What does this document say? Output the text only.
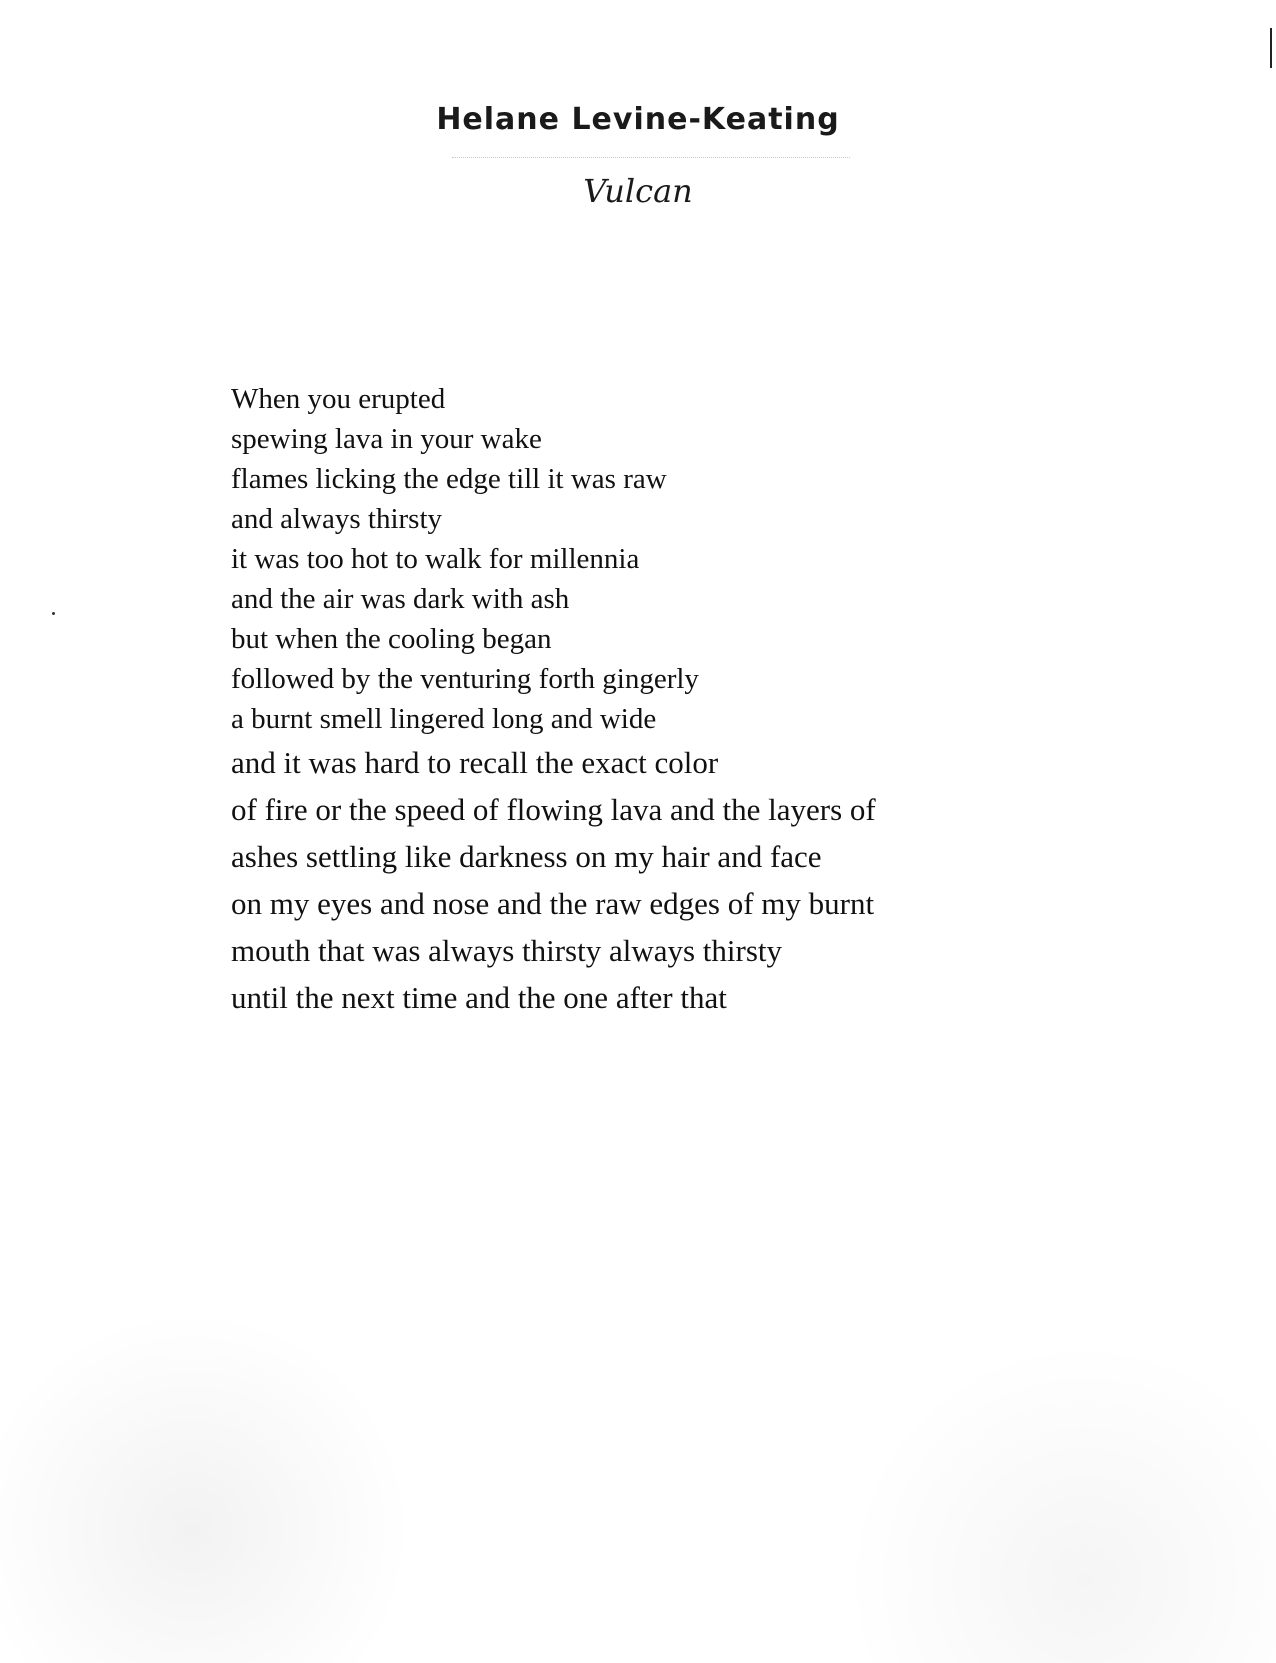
Helane Levine-Keating
Vulcan
When you erupted
spewing lava in your wake
flames licking the edge till it was raw
and always thirsty
it was too hot to walk for millennia
and the air was dark with ash
but when the cooling began
followed by the venturing forth gingerly
a burnt smell lingered long and wide
and it was hard to recall the exact color
of fire or the speed of flowing lava and the layers of
ashes settling like darkness on my hair and face
on my eyes and nose and the raw edges of my burnt
mouth that was always thirsty always thirsty
until the next time and the one after that
